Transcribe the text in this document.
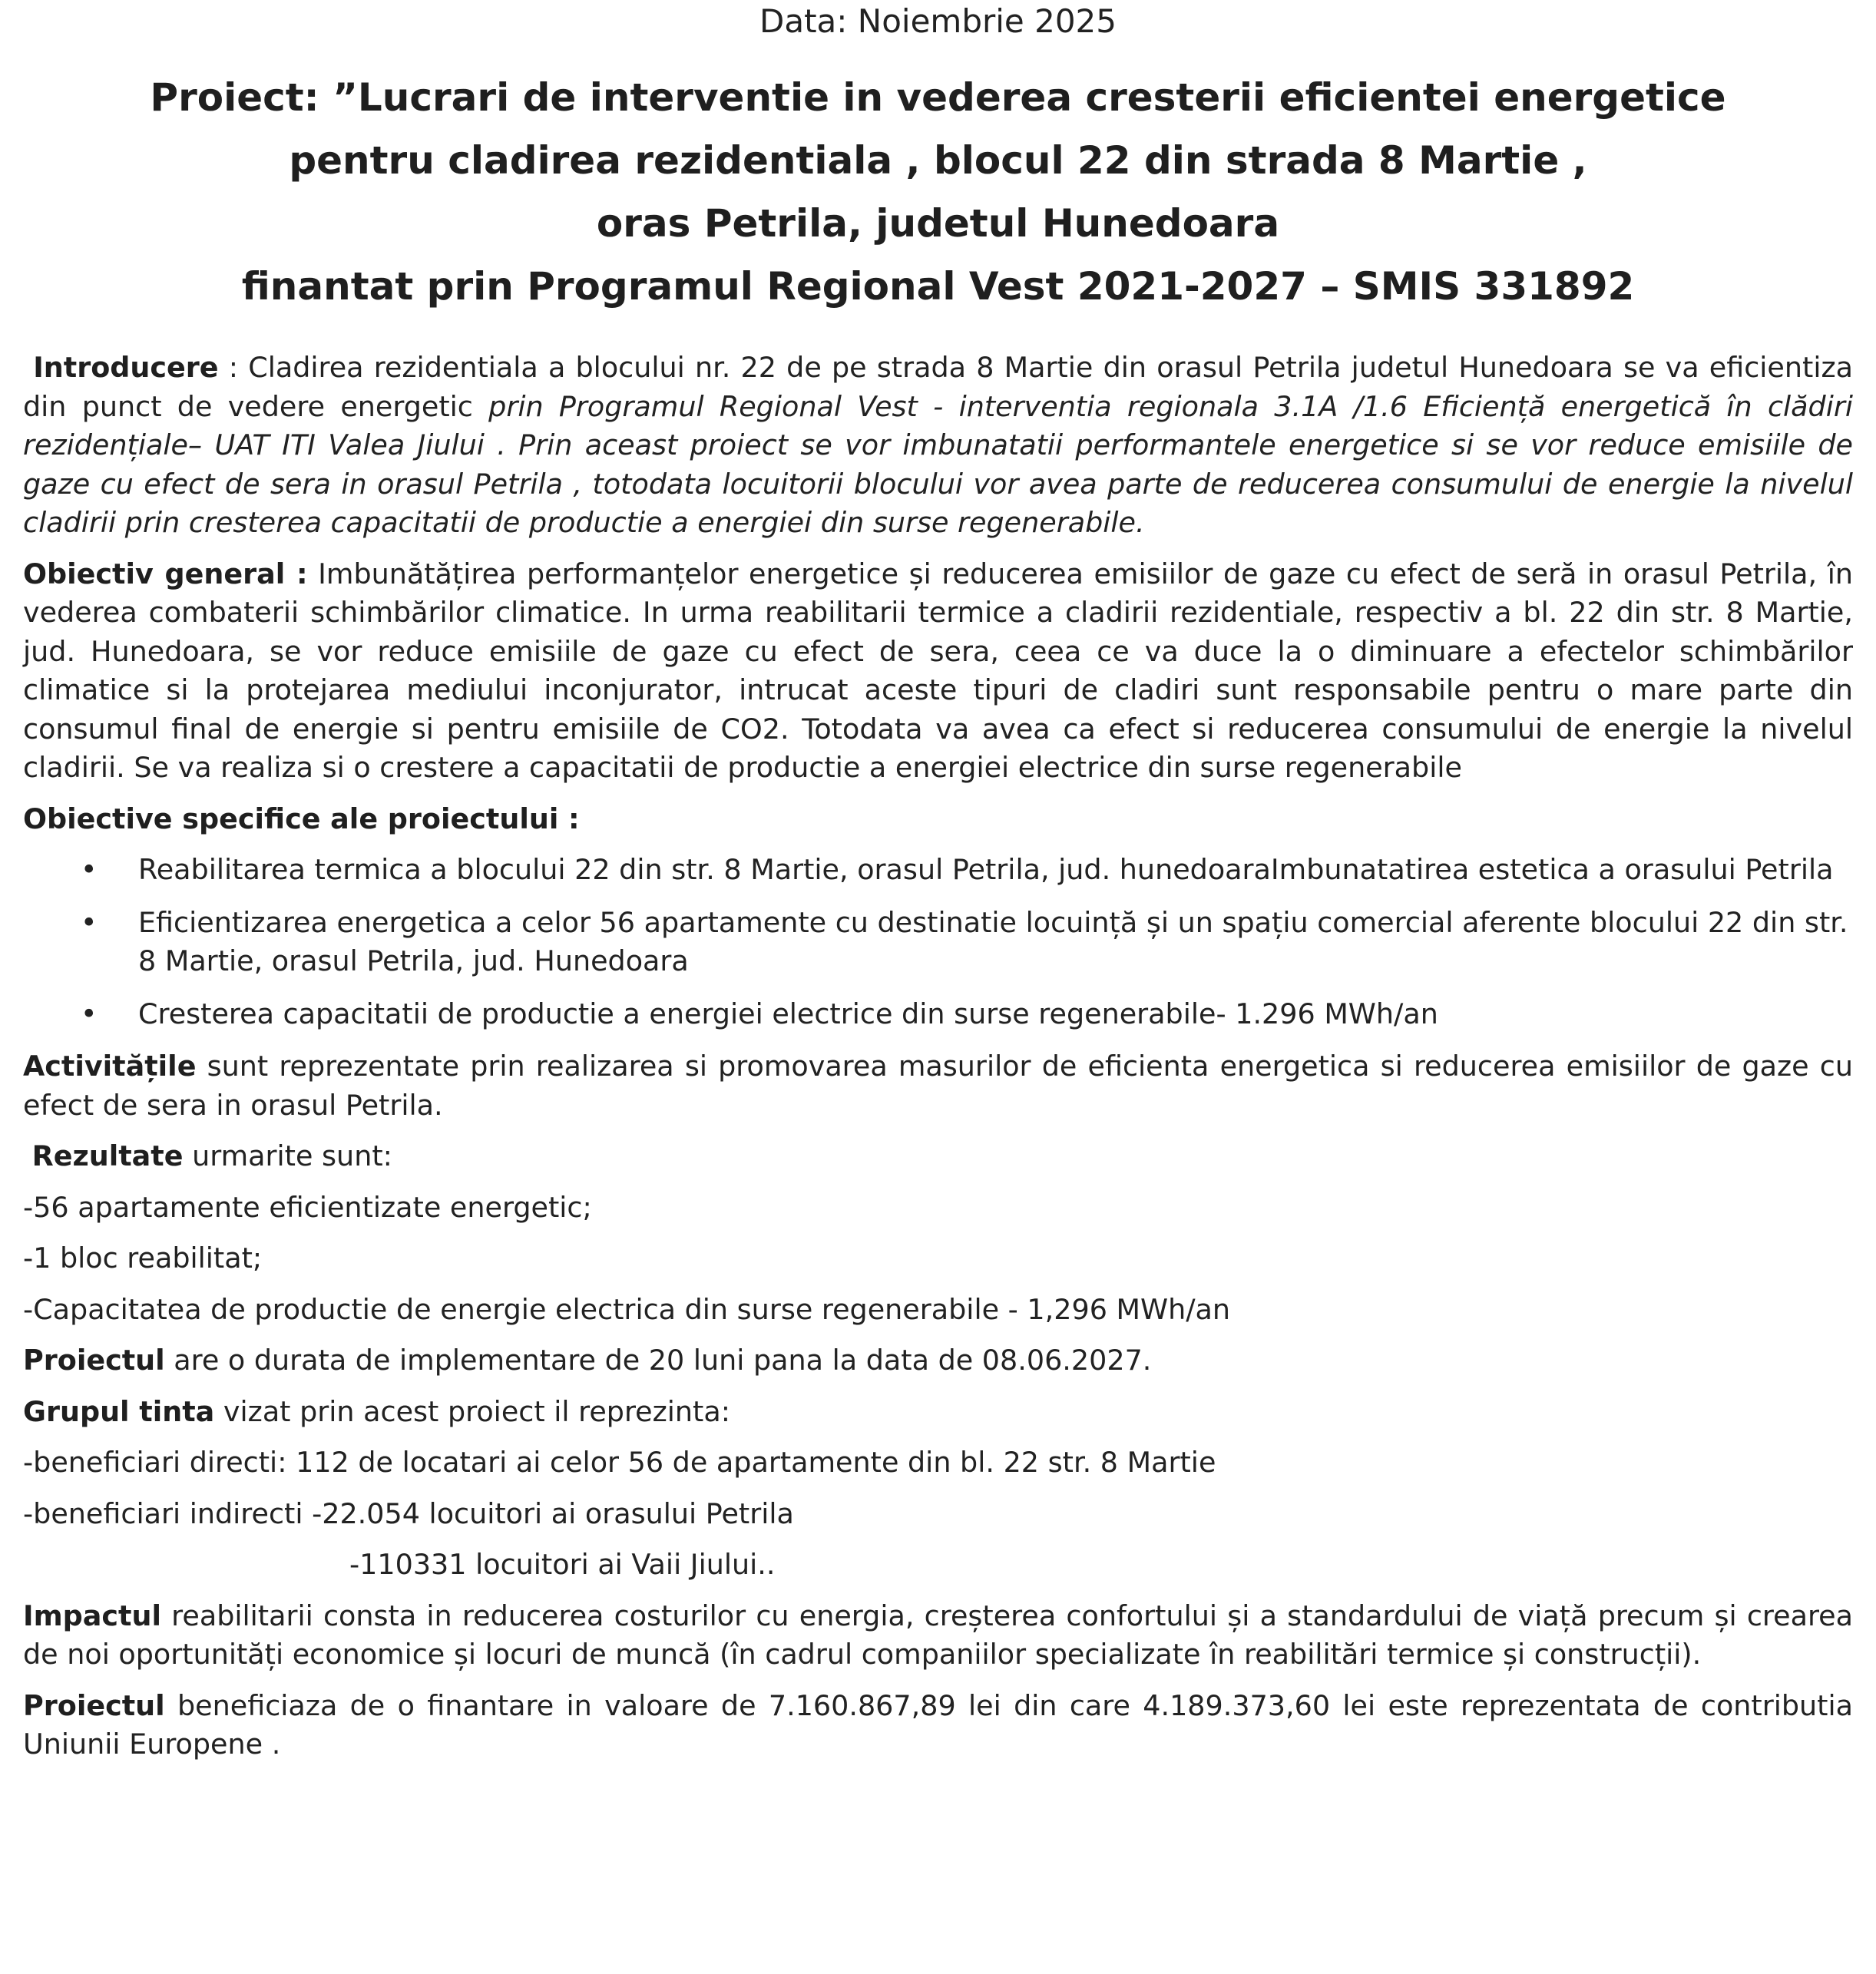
Data: Noiembrie 2025

Proiect: ”Lucrari de interventie in vederea cresterii eficientei energetice
pentru cladirea rezidentiala , blocul 22 din strada 8 Martie ,
oras Petrila, judetul Hunedoara
finantat prin Programul Regional Vest 2021-2027 – SMIS 331892

Introducere : Cladirea rezidentiala a blocului nr. 22 de pe strada 8 Martie din orasul Petrila judetul Hunedoara se va eficientiza din punct de vedere energetic prin Programul Regional Vest - interventia regionala 3.1A /1.6 Eficiență energetică în clădiri rezidențiale– UAT ITI Valea Jiului . Prin aceast proiect se vor imbunatatii performantele energetice si se vor reduce emisiile de gaze cu efect de sera in orasul Petrila , totodata locuitorii blocului vor avea parte de reducerea consumului de energie la nivelul cladirii prin cresterea capacitatii de productie a energiei din surse regenerabile.

Obiectiv general : Imbunătățirea performanțelor energetice și reducerea emisiilor de gaze cu efect de seră in orasul Petrila, în vederea combaterii schimbărilor climatice. In urma reabilitarii termice a cladirii rezidentiale, respectiv a bl. 22 din str. 8 Martie, jud. Hunedoara, se vor reduce emisiile de gaze cu efect de sera, ceea ce va duce la o diminuare a efectelor schimbărilor climatice si la protejarea mediului inconjurator, intrucat aceste tipuri de cladiri sunt responsabile pentru o mare parte din consumul final de energie si pentru emisiile de CO2. Totodata va avea ca efect si reducerea consumului de energie la nivelul cladirii. Se va realiza si o crestere a capacitatii de productie a energiei electrice din surse regenerabile

Obiective specifice ale proiectului :

• Reabilitarea termica a blocului 22 din str. 8 Martie, orasul Petrila, jud. hunedoaraImbunatatirea estetica a orasului Petrila
• Eficientizarea energetica a celor 56 apartamente cu destinatie locuință și un spațiu comercial aferente blocului 22 din str. 8 Martie, orasul Petrila, jud. Hunedoara
• Cresterea capacitatii de productie a energiei electrice din surse regenerabile- 1.296 MWh/an

Activitățile sunt reprezentate prin realizarea si promovarea masurilor de eficienta energetica si reducerea emisiilor de gaze cu efect de sera in orasul Petrila.

Rezultate urmarite sunt:

-56 apartamente eficientizate energetic;

-1 bloc reabilitat;

-Capacitatea de productie de energie electrica din surse regenerabile - 1,296 MWh/an

Proiectul are o durata de implementare de 20 luni pana la data de 08.06.2027.

Grupul tinta vizat prin acest proiect il reprezinta:

-beneficiari directi: 112 de locatari ai celor 56 de apartamente din bl. 22 str. 8 Martie

-beneficiari indirecti -22.054 locuitori ai orasului Petrila

-110331 locuitori ai Vaii Jiului..

Impactul reabilitarii consta in reducerea costurilor cu energia, creșterea confortului și a standardului de viață precum și crearea de noi oportunități economice și locuri de muncă (în cadrul companiilor specializate în reabilitări termice și construcții).

Proiectul beneficiaza de o finantare in valoare de 7.160.867,89 lei din care 4.189.373,60 lei este reprezentata de contributia Uniunii Europene .
